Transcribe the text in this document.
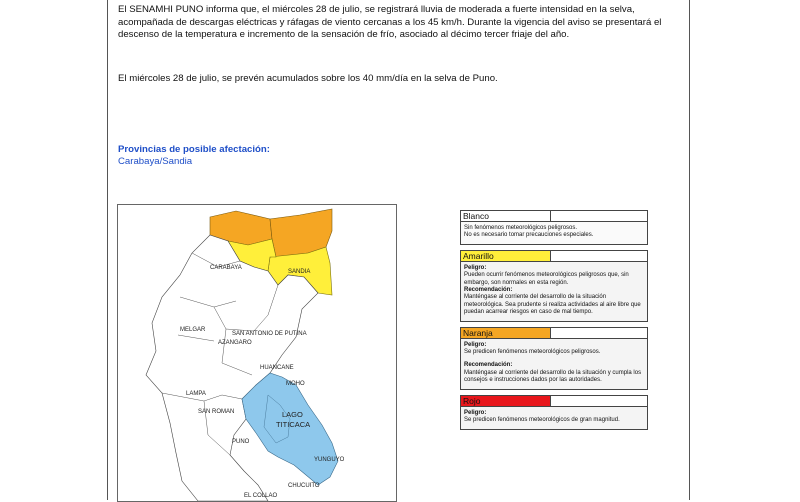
El SENAMHI PUNO informa que, el miércoles 28 de julio, se registrará lluvia de moderada a fuerte intensidad en la selva, acompañada de descargas eléctricas y ráfagas de viento cercanas a los 45 km/h. Durante la vigencia del aviso se presentará el descenso de la temperatura e incremento de la sensación de frío, asociado al décimo tercer friaje del año.

El miércoles 28 de julio, se prevén acumulados sobre los 40 mm/día en la selva de Puno.

Provincias de posible afectación:
Carabaya/Sandia
CARABAYA
SANDIA
MELGAR
SAN ANTONIO DE PUTINA
AZANGARO
HUANCANE
MOHO
LAMPA
SAN ROMAN	LAGO
TITICACA
PUNO
YUNGUYO
CHUCUITO
EL COLLAO
Blanco
Sin fenómenos meteorológicos peligrosos.
No es necesario tomar precauciones especiales.
Amarillo
Peligro:
Pueden ocurrir fenómenos meteorológicos peligrosos que, sin embargo, son normales en esta región.
Recomendación:
Manténgase al corriente del desarrollo de la situación meteorológica. Sea prudente si realiza actividades al aire libre que puedan acarrear riesgos en caso de mal tiempo.
Naranja
Peligro:
Se predicen fenómenos meteorológicos peligrosos.
Recomendación:
Manténgase al corriente del desarrollo de la situación y cumpla los consejos e instrucciones dados por las autoridades.
Rojo
Peligro:
Se predicen fenómenos meteorológicos de gran magnitud.
